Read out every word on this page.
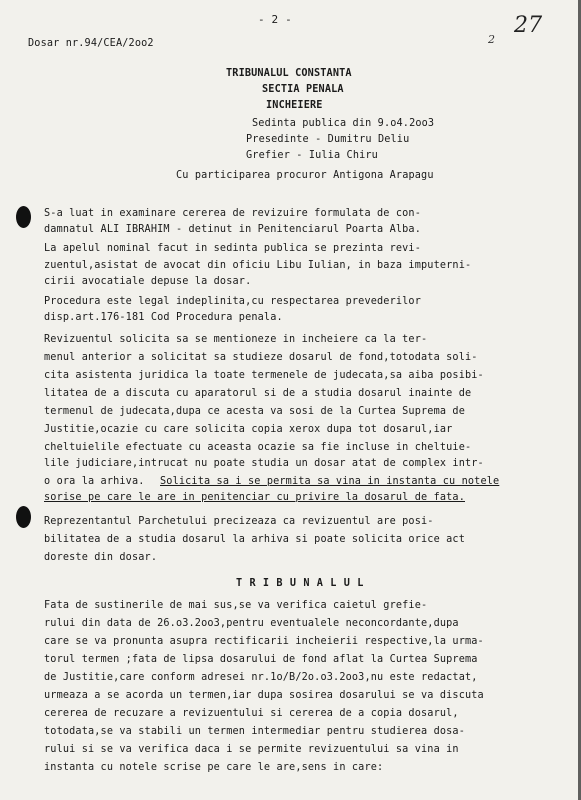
- 2 -
Dosar nr.94/CEA/2oo2
27
2
TRIBUNALUL CONSTANTA
SECTIA PENALA
INCHEIERE
Sedinta publica din 9.o4.2oo3
Presedinte - Dumitru Deliu
Grefier - Iulia Chiru
Cu participarea procuror Antigona Arapagu
S-a luat in examinare cererea de revizuire formulata de con-
damnatul ALI IBRAHIM - detinut in Penitenciarul Poarta Alba.
La apelul nominal facut in sedinta publica se prezinta revi-
zuentul,asistat de avocat din oficiu Libu Iulian, in baza imputerni-
cirii avocatiale depuse la dosar.
Procedura este legal indeplinita,cu respectarea prevederilor
disp.art.176-181 Cod Procedura penala.
Revizuentul solicita sa se mentioneze in incheiere ca la ter-
menul anterior a solicitat sa studieze dosarul de fond,totodata soli-
cita asistenta juridica la toate termenele de judecata,sa aiba posibi-
litatea de a discuta cu aparatorul si de a studia dosarul inainte de
termenul de judecata,dupa ce acesta va sosi de la Curtea Suprema de
Justitie,ocazie cu care solicita copia xerox dupa tot dosarul,iar
cheltuielile efectuate cu aceasta ocazie sa fie incluse in cheltuie-
lile judiciare,intrucat nu poate studia un dosar atat de complex intr-
o ora la arhiva. Solicita sa i se permita sa vina in instanta cu notele
sorise pe care le are in penitenciar cu privire la dosarul de fata.
Reprezentantul Parchetului precizeaza ca revizuentul are posi-
bilitatea de a studia dosarul la arhiva si poate solicita orice act
doreste din dosar.
T R I B U N A L U L
Fata de sustinerile de mai sus,se va verifica caietul grefie-
rului din data de 26.o3.2oo3,pentru eventualele neconcordante,dupa
care se va pronunta asupra rectificarii incheierii respective,la urma-
torul termen ;fata de lipsa dosarului de fond aflat la Curtea Suprema
de Justitie,care conform adresei nr.1o/B/2o.o3.2oo3,nu este redactat,
urmeaza a se acorda un termen,iar dupa sosirea dosarului se va discuta
cererea de recuzare a revizuentului si cererea de a copia dosarul,
totodata,se va stabili un termen intermediar pentru studierea dosa-
rului si se va verifica daca i se permite revizuentului sa vina in
instanta cu notele scrise pe care le are,sens in care:
